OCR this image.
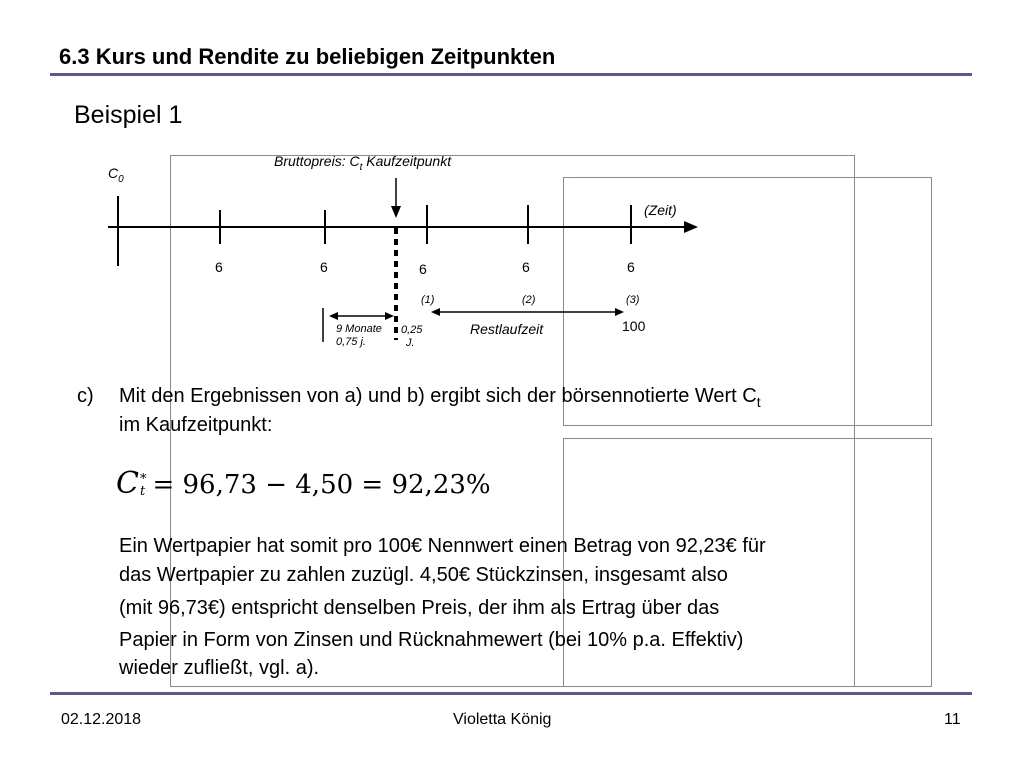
·
·
·
6.3 Kurs und Rendite zu beliebigen Zeitpunkten
Beispiel 1
$C_0$
Bruttopreis: $C_t$ Kaufzeitpunkt
(Zeit)
6	6	6	6	6
(1)	(2)	(3)
9 Monate
0,75 j.
0,25
J.
Restlaufzeit	100
c) Mit den Ergebnissen von a) und b) ergibt sich der börsennotierte Wert $C_t$
im Kaufzeitpunkt:
C *
t = 96,73 − 4,50 = 92,23%
Ein Wertpapier hat somit pro 100€ Nennwert einen Betrag von 92,23€ für
das Wertpapier zu zahlen zuzügl. 4,50€ Stückzinsen, insgesamt also
(mit 96,73€) entspricht denselben Preis, der ihm als Ertrag über das
Papier in Form von Zinsen und Rücknahmewert (bei 10% p.a. Effektiv)
wieder zufließt, vgl. a).
02.12.2018	Violetta König	11
